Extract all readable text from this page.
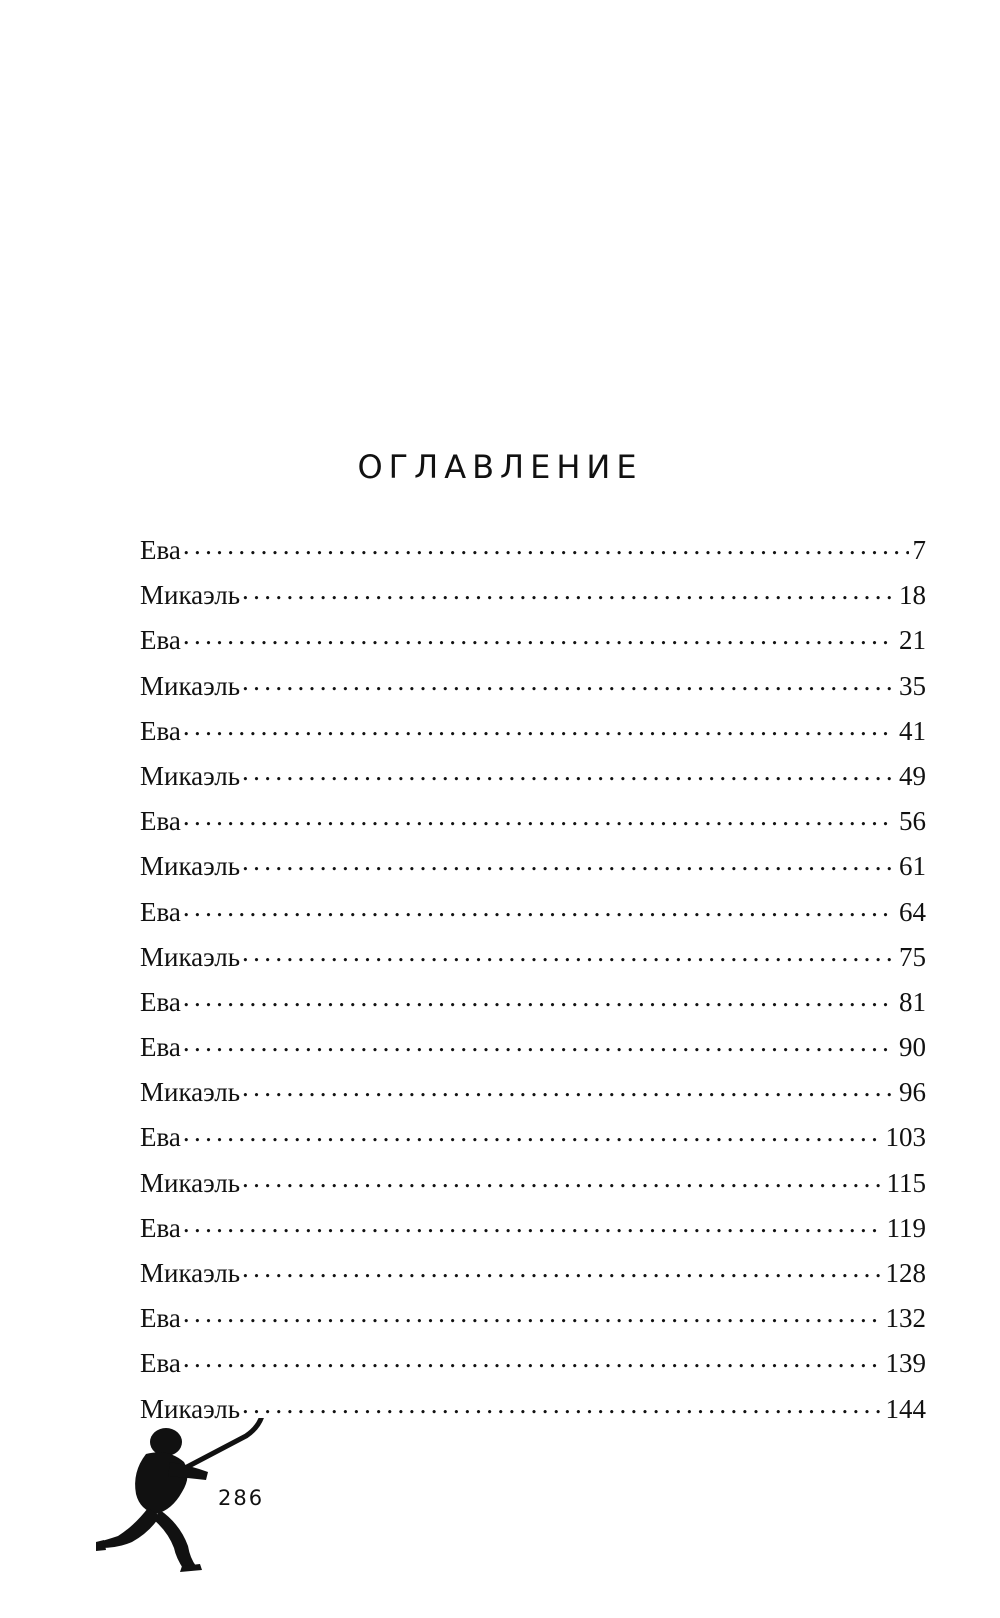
ОГЛАВЛЕНИЕ
Ева . . .	7
Микаэль . . .	18
Ева . . .	21
Микаэль . . .	35
Ева . . .	41
Микаэль . . .	49
Ева . . .	56
Микаэль . . .	61
Ева . . .	64
Микаэль . . .	75
Ева . . .	81
Ева . . .	90
Микаэль . . .	96
Ева . . .	103
Микаэль . . .	115
Ева . . .	119
Микаэль . . .	128
Ева . . .	132
Ева . . .	139
Микаэль . . .	144
286
